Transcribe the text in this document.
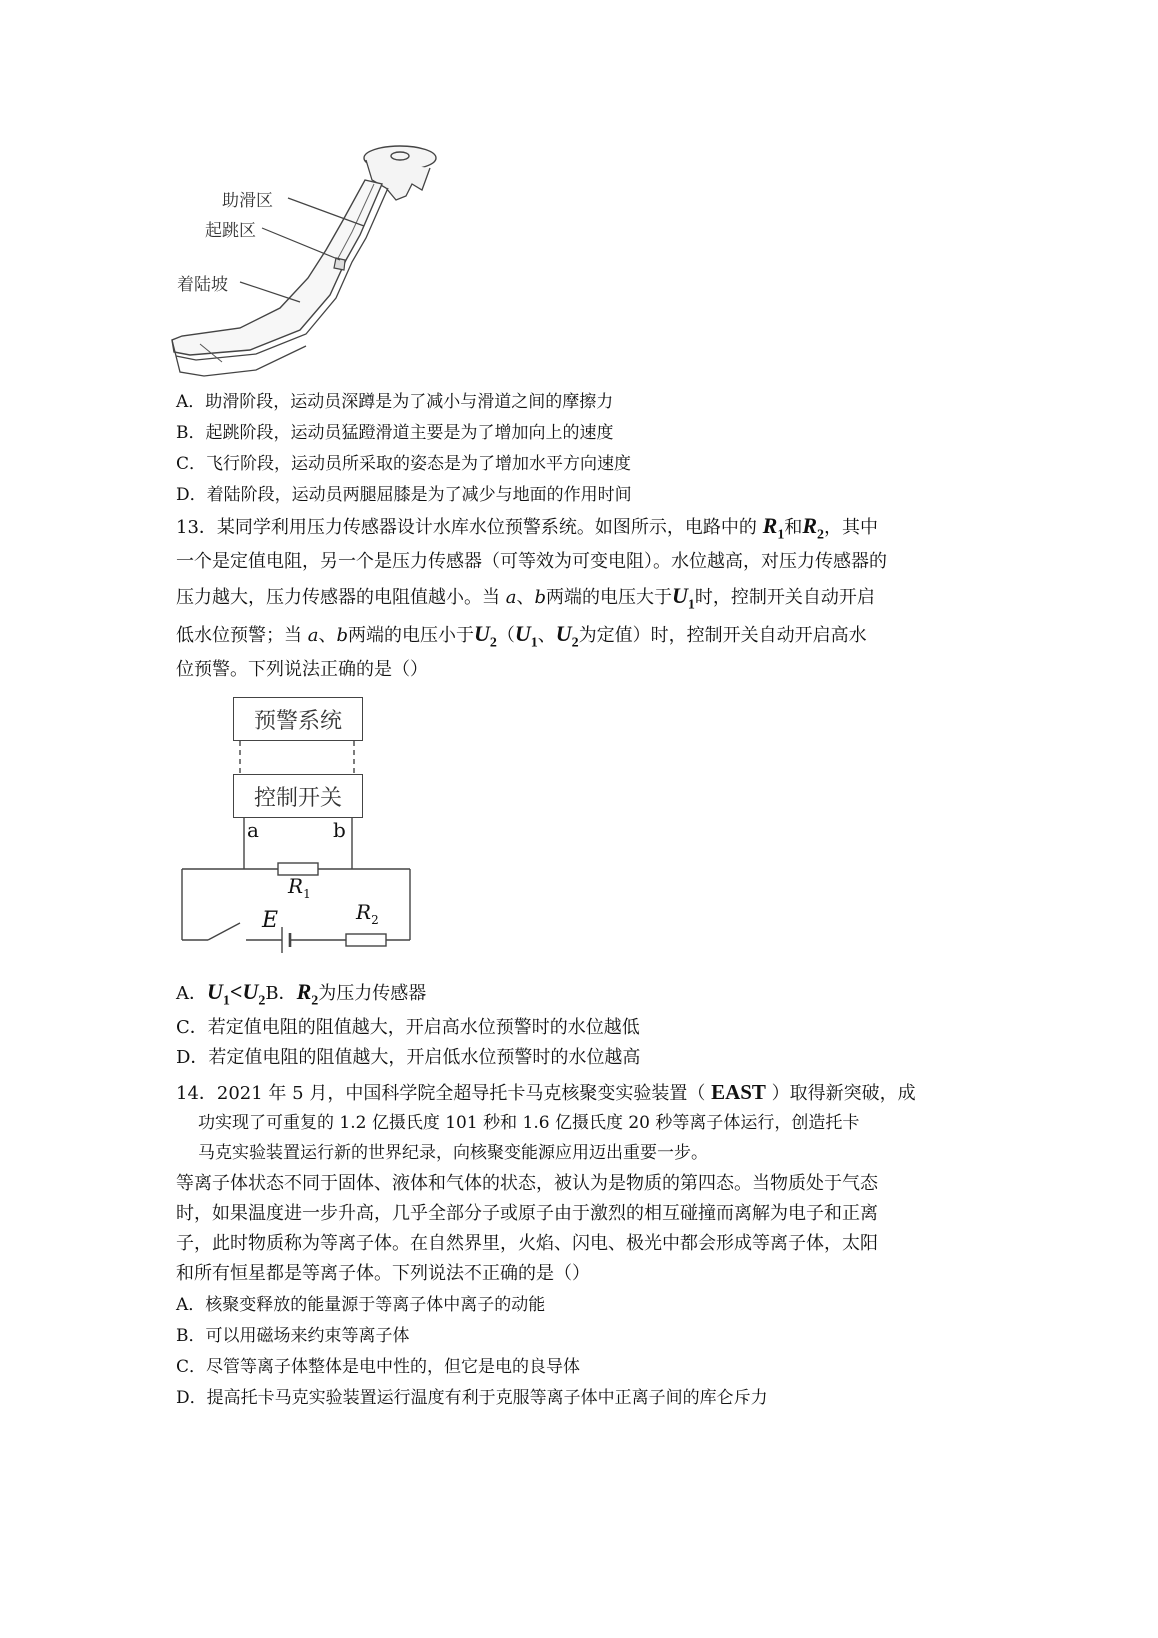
助滑区
起跳区
着陆坡
A．助滑阶段，运动员深蹲是为了减小与滑道之间的摩擦力
B．起跳阶段，运动员猛蹬滑道主要是为了增加向上的速度
C．飞行阶段，运动员所采取的姿态是为了增加水平方向速度
D．着陆阶段，运动员两腿屈膝是为了减少与地面的作用时间
13．某同学利用压力传感器设计水库水位预警系统。如图所示，电路中的 $R_1$和$R_2$，其中
一个是定值电阻，另一个是压力传感器（可等效为可变电阻）。水位越高，对压力传感器的
压力越大，压力传感器的电阻值越小。当 a、b两端的电压大于$U_1$时，控制开关自动开启
低水位预警；当 a、b两端的电压小于$U_2(U_1$、$U_2$为定值）时，控制开关自动开启高水
位预警。下列说法正确的是（）
预警系统
控制开关
a	b
$R_1$
E	$R_2$
A．$U_1<U_2B$．$R_2$为压力传感器
C．若定值电阻的阻值越大，开启高水位预警时的水位越低
D．若定值电阻的阻值越大，开启低水位预警时的水位越高
14．2021 年 5 月，中国科学院全超导托卡马克核聚变实验装置（ EAST ）取得新突破，成
功实现了可重复的 1.2 亿摄氏度 101 秒和 1.6 亿摄氏度 20 秒等离子体运行，创造托卡
马克实验装置运行新的世界纪录，向核聚变能源应用迈出重要一步。
等离子体状态不同于固体、液体和气体的状态，被认为是物质的第四态。当物质处于气态
时，如果温度进一步升高，几乎全部分子或原子由于激烈的相互碰撞而离解为电子和正离
子，此时物质称为等离子体。在自然界里，火焰、闪电、极光中都会形成等离子体，太阳
和所有恒星都是等离子体。下列说法不正确的是（）
A．核聚变释放的能量源于等离子体中离子的动能
B．可以用磁场来约束等离子体
C．尽管等离子体整体是电中性的，但它是电的良导体
D．提高托卡马克实验装置运行温度有利于克服等离子体中正离子间的库仑斥力
